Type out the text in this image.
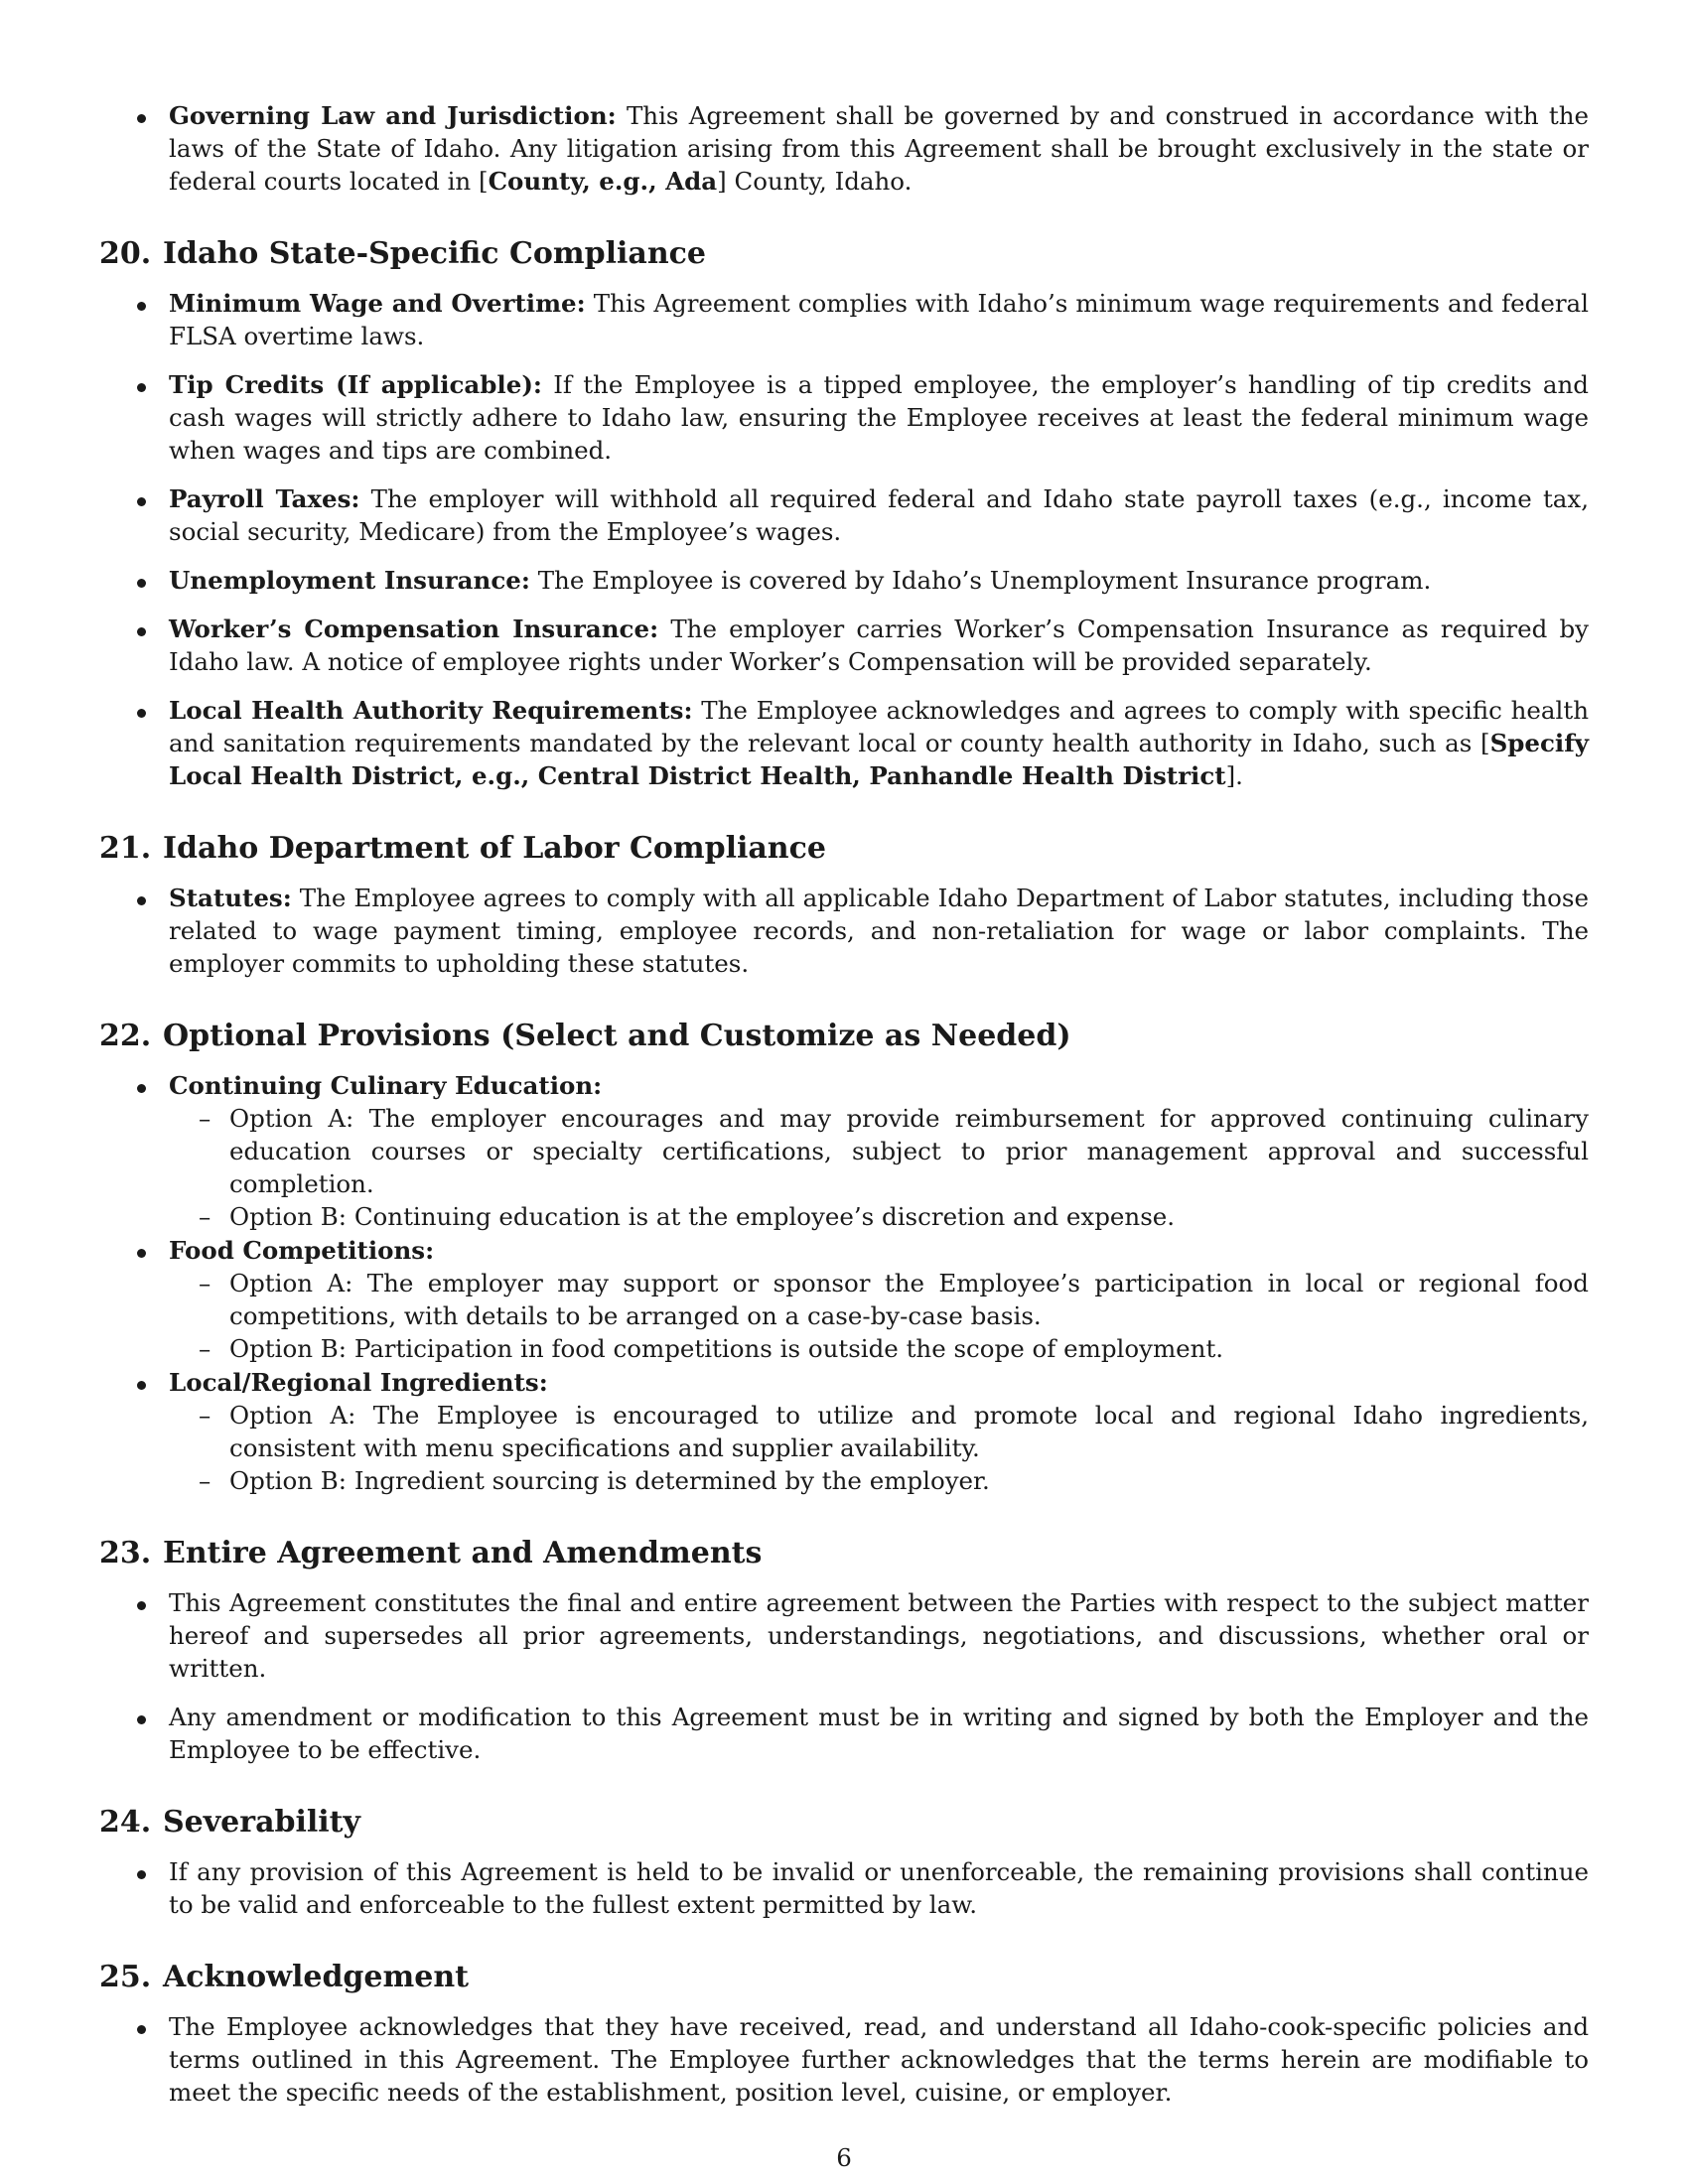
Governing Law and Jurisdiction: This Agreement shall be governed by and construed in accordance with the laws of the State of Idaho. Any litigation arising from this Agreement shall be brought exclusively in the state or federal courts located in [County, e.g., Ada] County, Idaho.
20. Idaho State-Specific Compliance
Minimum Wage and Overtime: This Agreement complies with Idaho’s minimum wage requirements and federal FLSA overtime laws.
Tip Credits (If applicable): If the Employee is a tipped employee, the employer’s handling of tip credits and cash wages will strictly adhere to Idaho law, ensuring the Employee receives at least the federal minimum wage when wages and tips are combined.
Payroll Taxes: The employer will withhold all required federal and Idaho state payroll taxes (e.g., income tax, social security, Medicare) from the Employee’s wages.
Unemployment Insurance: The Employee is covered by Idaho’s Unemployment Insurance program.
Worker’s Compensation Insurance: The employer carries Worker’s Compensation Insurance as required by Idaho law. A notice of employee rights under Worker’s Compensation will be provided separately.
Local Health Authority Requirements: The Employee acknowledges and agrees to comply with specific health and sanitation requirements mandated by the relevant local or county health authority in Idaho, such as [Specify Local Health District, e.g., Central District Health, Panhandle Health District].
21. Idaho Department of Labor Compliance
Statutes: The Employee agrees to comply with all applicable Idaho Department of Labor statutes, including those related to wage payment timing, employee records, and non-retaliation for wage or labor complaints. The employer commits to upholding these statutes.
22. Optional Provisions (Select and Customize as Needed)
Continuing Culinary Education:
– Option A: The employer encourages and may provide reimbursement for approved continuing culinary education courses or specialty certifications, subject to prior management approval and successful completion.
– Option B: Continuing education is at the employee’s discretion and expense.
Food Competitions:
– Option A: The employer may support or sponsor the Employee’s participation in local or regional food competitions, with details to be arranged on a case-by-case basis.
– Option B: Participation in food competitions is outside the scope of employment.
Local/Regional Ingredients:
– Option A: The Employee is encouraged to utilize and promote local and regional Idaho ingredients, consistent with menu specifications and supplier availability.
– Option B: Ingredient sourcing is determined by the employer.
23. Entire Agreement and Amendments
This Agreement constitutes the final and entire agreement between the Parties with respect to the subject matter hereof and supersedes all prior agreements, understandings, negotiations, and discussions, whether oral or written.
Any amendment or modification to this Agreement must be in writing and signed by both the Employer and the Employee to be effective.
24. Severability
If any provision of this Agreement is held to be invalid or unenforceable, the remaining provisions shall continue to be valid and enforceable to the fullest extent permitted by law.
25. Acknowledgement
The Employee acknowledges that they have received, read, and understand all Idaho-cook-specific policies and terms outlined in this Agreement. The Employee further acknowledges that the terms herein are modifiable to meet the specific needs of the establishment, position level, cuisine, or employer.
6
